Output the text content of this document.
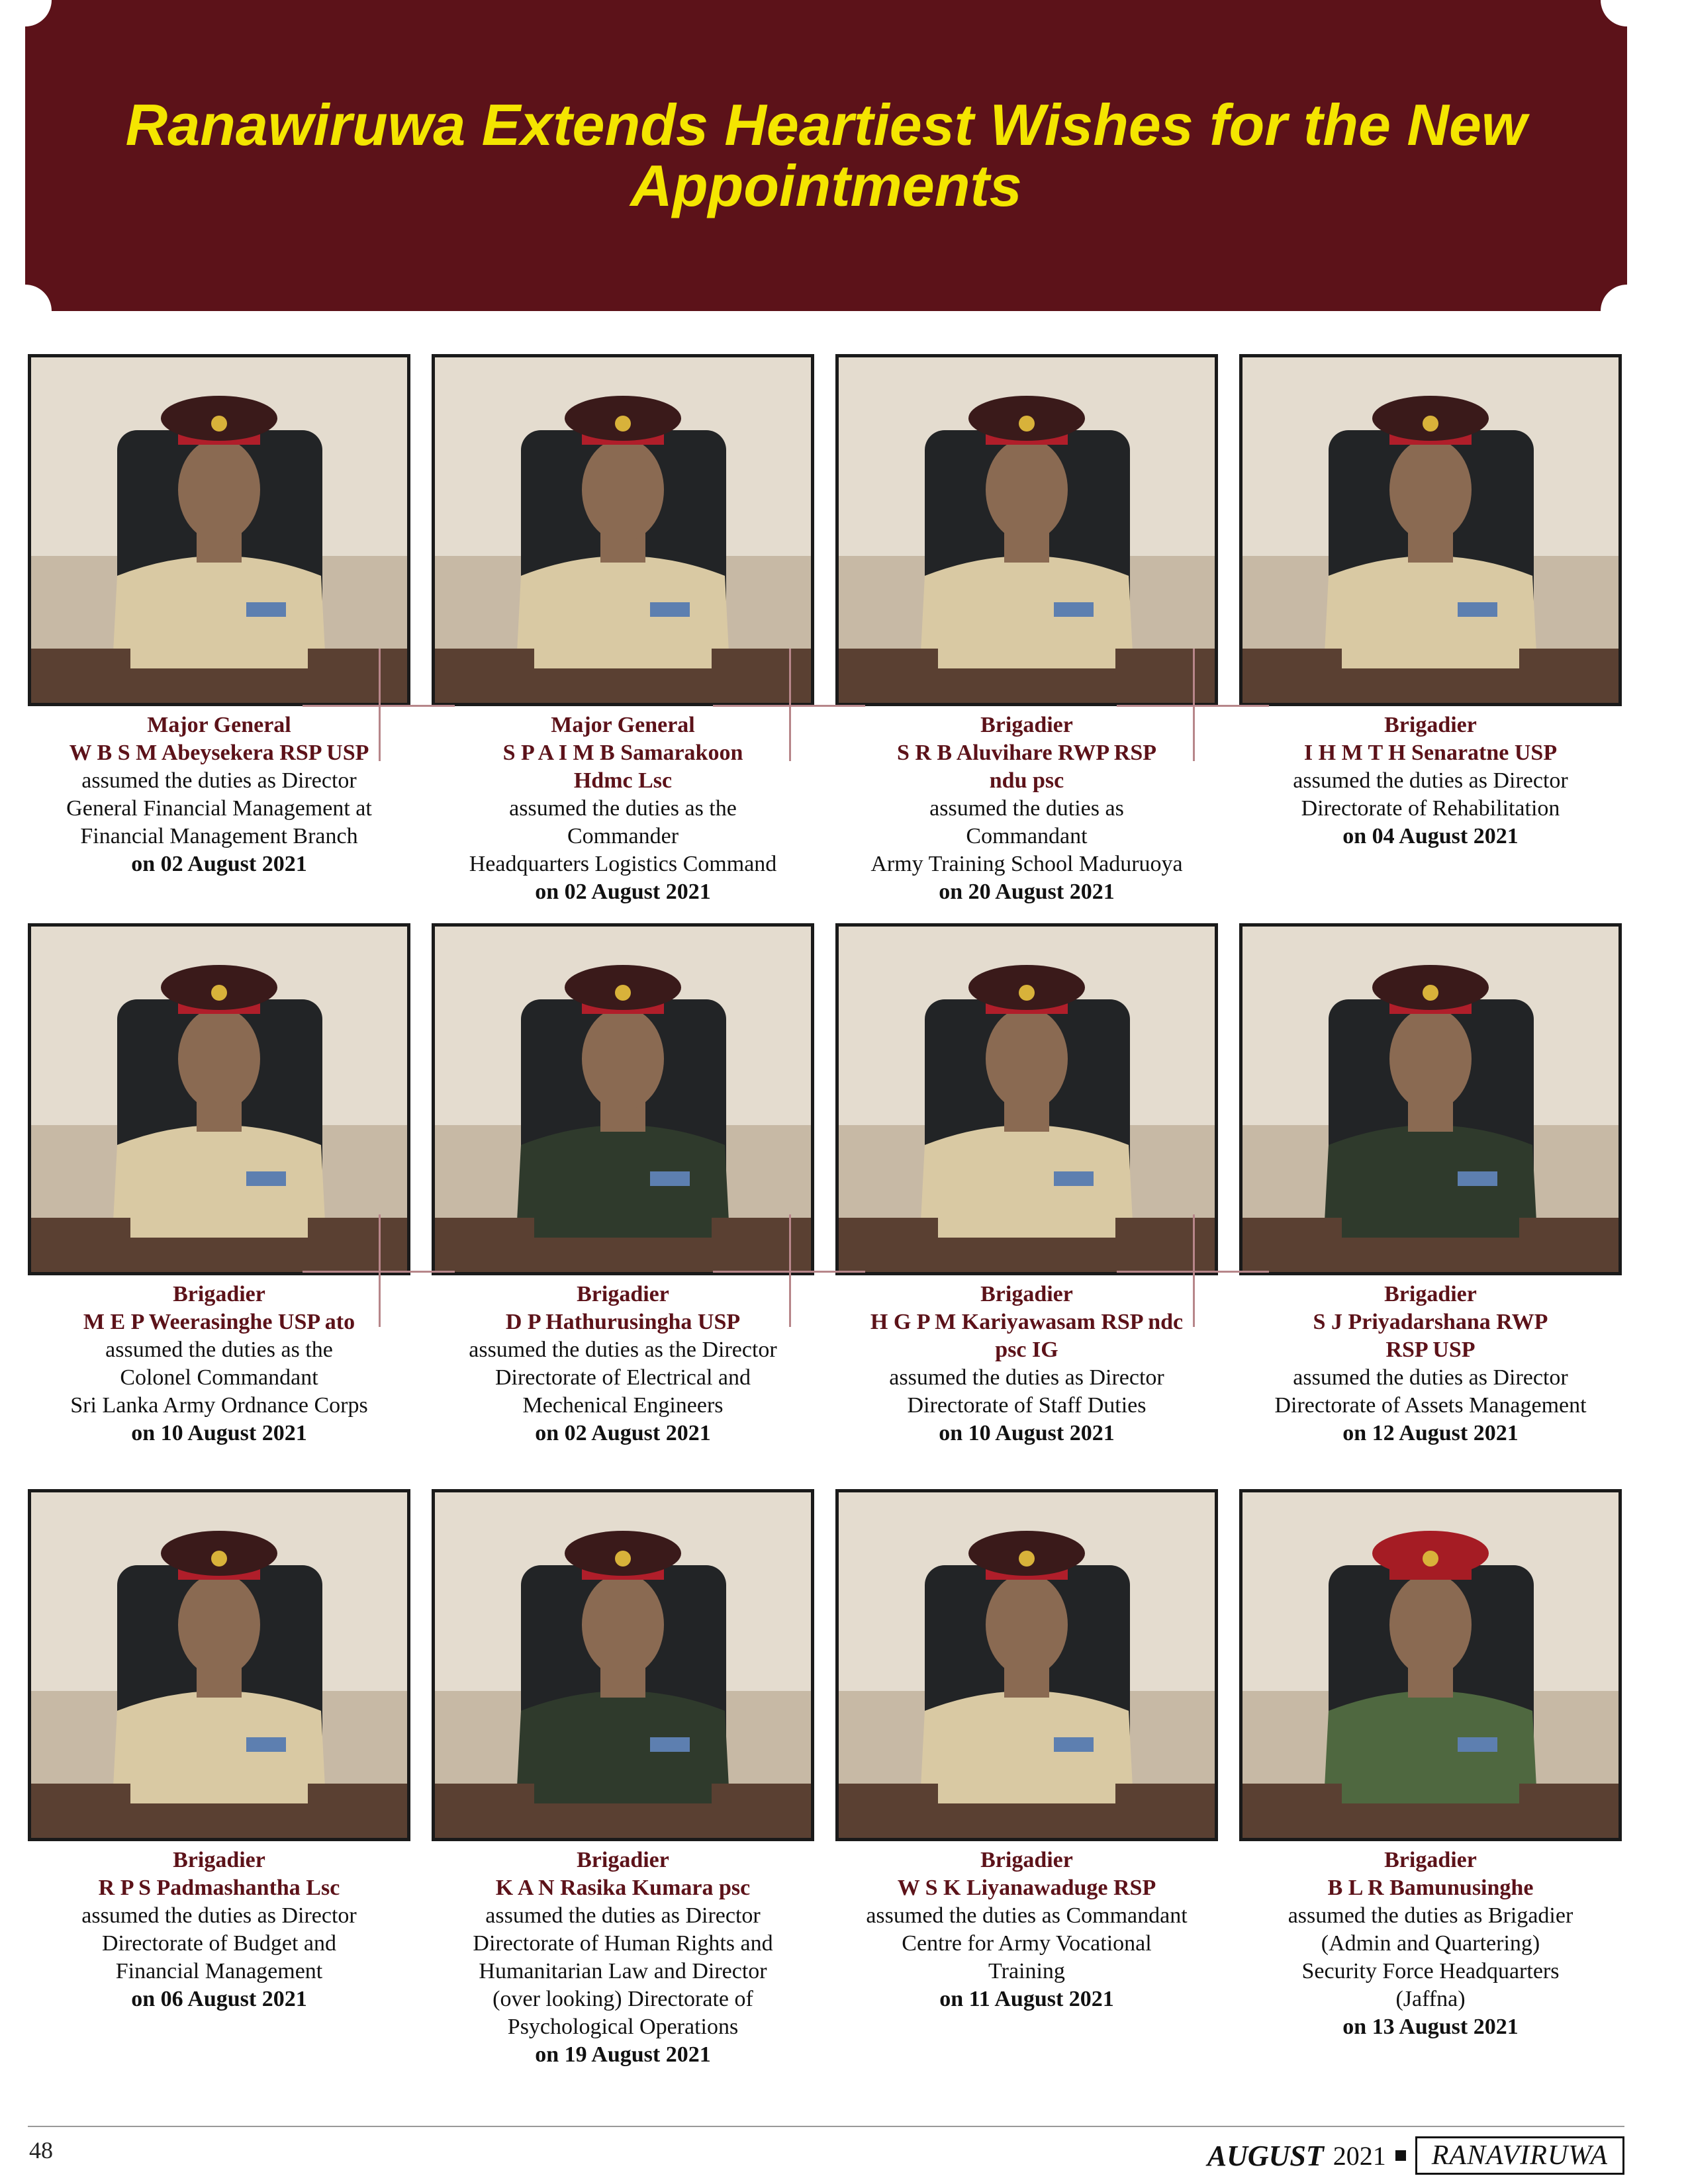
Ranawiruwa Extends Heartiest Wishes for the New Appointments
Major General
W B S M Abeysekera RSP USP
assumed the duties as Director
General Financial Management at
Financial Management Branch
on 02 August 2021
Major General
S P A I M B Samarakoon
Hdmc Lsc
assumed the duties as the
Commander
Headquarters Logistics Command
on 02 August 2021
Brigadier
S R B Aluvihare RWP RSP
ndu psc
assumed the duties as
Commandant
Army Training School Maduruoya
on 20 August 2021
Brigadier
I H M T H Senaratne USP
assumed the duties as Director
Directorate of Rehabilitation
on 04 August 2021
Brigadier
M E P Weerasinghe USP ato
assumed the duties as the
Colonel Commandant
Sri Lanka Army Ordnance Corps
on 10 August 2021
Brigadier
D P Hathurusingha USP
assumed the duties as the Director
Directorate of Electrical and
Mechenical Engineers
on 02 August 2021
Brigadier
H G P M Kariyawasam RSP ndc
psc IG
assumed the duties as Director
Directorate of Staff Duties
on 10 August 2021
Brigadier
S J Priyadarshana RWP
RSP USP
assumed the duties as Director
Directorate of Assets Management
on 12 August 2021
Brigadier
R P S Padmashantha Lsc
assumed the duties as Director
Directorate of Budget and
Financial Management
on 06 August 2021
Brigadier
K A N Rasika Kumara psc
assumed the duties as Director
Directorate of Human Rights and
Humanitarian Law and Director
(over looking) Directorate of
Psychological Operations
on 19 August 2021
Brigadier
W S K Liyanawaduge RSP
assumed the duties as Commandant
Centre for Army Vocational
Training
on 11 August 2021
Brigadier
B L R Bamunusinghe
assumed the duties as Brigadier
(Admin and Quartering)
Security Force Headquarters
(Jaffna)
on 13 August 2021
48	AUGUST 2021	RANAVIRUWA
